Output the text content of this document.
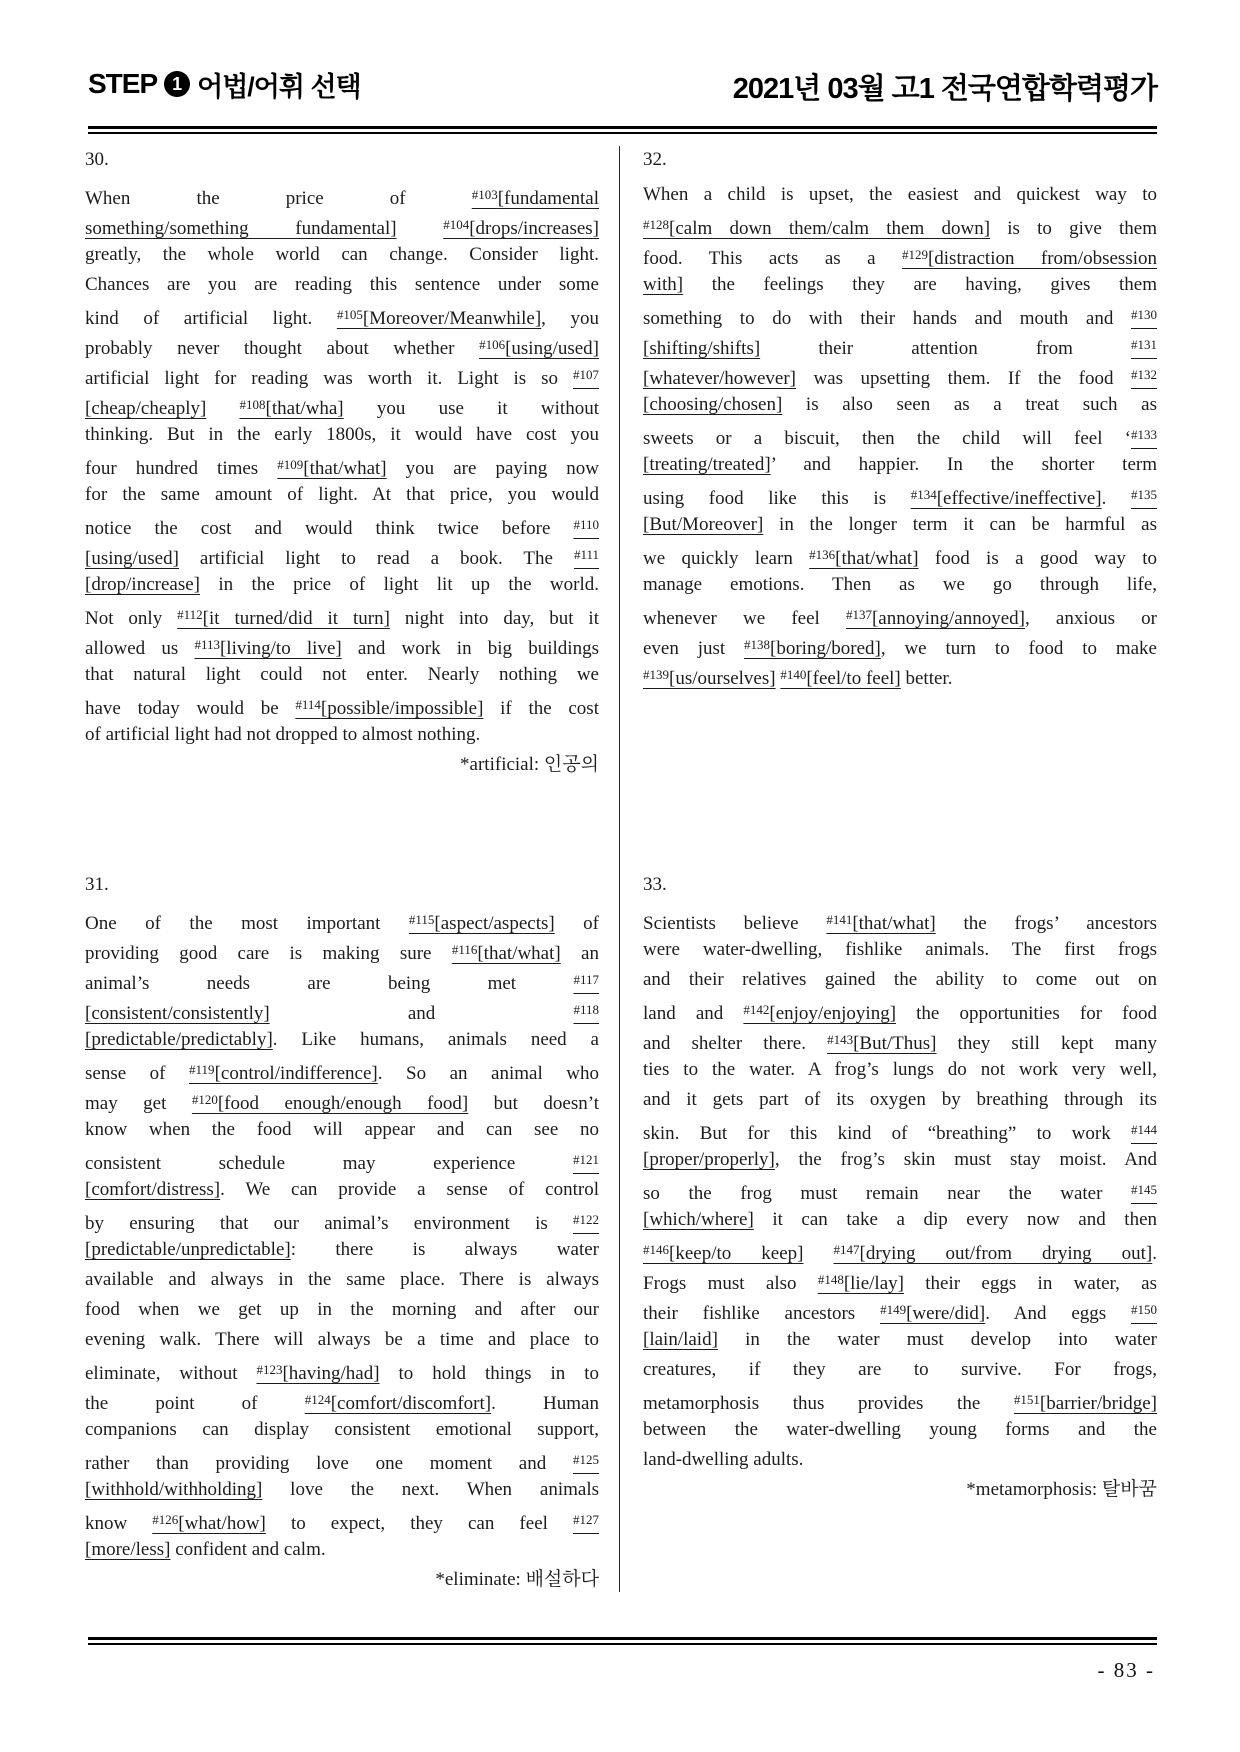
STEP 1 어법/어휘 선택	2021년 03월 고1 전국연합학력평가
30.
When the price of $^{\#103}$[fundamental
something/something fundamental]	$^{\#104}$[drops/increases]
greatly, the whole world can change. Consider light.
Chances are you are reading this sentence under some
kind of artificial light. $^{\#105}$[Moreover/Meanwhile], you
probably never thought about whether $^{\#106}$[using/used]
artificial light for reading was worth it. Light is so $^{\#107}$
[cheap/cheaply]	$^{\#108}$[that/wha] you use it without
thinking. But in the early 1800s, it would have cost you
four hundred times $^{\#109}$[that/what] you are paying now
for the same amount of light. At that price, you would
notice the cost and would think twice before $^{\#110}$
[using/used] artificial light to read a book. The $^{\#111}$
[drop/increase] in the price of light lit up the world.
Not only $^{\#112}$[it turned/did it turn] night into day, but it
allowed us $^{\#113}$[living/to live] and work in big buildings
that natural light could not enter. Nearly nothing we
have today would be $^{\#114}$[possible/impossible] if the cost
of artificial light had not dropped to almost nothing.
*artificial: 인공의
31.
One of the most important $^{\#115}$[aspect/aspects] of
providing good care is making sure $^{\#116}$[that/what] an
animal’s needs are being met $^{\#117}$
[consistent/consistently] and $^{\#118}$
[predictable/predictably]. Like humans, animals need a
sense of $^{\#119}$[control/indifference]. So an animal who
may get $^{\#120}$[food enough/enough food] but doesn’t
know when the food will appear and can see no
consistent schedule may experience $^{\#121}$
[comfort/distress]. We can provide a sense of control
by ensuring that our animal’s environment is $^{\#122}$
[predictable/unpredictable]: there is always water
available and always in the same place. There is always
food when we get up in the morning and after our
evening walk. There will always be a time and place to
eliminate, without $^{\#123}$[having/had] to hold things in to
the point of $^{\#124}$[comfort/discomfort]. Human
companions can display consistent emotional support,
rather than providing love one moment and $^{\#125}$
[withhold/withholding] love the next. When animals
know $^{\#126}$[what/how] to expect, they can feel $^{\#127}$
[more/less] confident and calm.
*eliminate: 배설하다
32.
When a child is upset, the easiest and quickest way to
$^{\#128}$[calm down them/calm them down] is to give them
food. This acts as a $^{\#129}$[distraction from/obsession
with] the feelings they are having, gives them
something to do with their hands and mouth and $^{\#130}$
[shifting/shifts] their attention from $^{\#131}$
[whatever/however] was upsetting them. If the food $^{\#132}$
[choosing/chosen] is also seen as a treat such as
sweets or a biscuit, then the child will feel ‘$^{\#133}$
[treating/treated]’ and happier. In the shorter term
using food like this is $^{\#134}$[effective/ineffective]. $^{\#135}$
[But/Moreover] in the longer term it can be harmful as
we quickly learn $^{\#136}$[that/what] food is a good way to
manage emotions. Then as we go through life,
whenever we feel $^{\#137}$[annoying/annoyed], anxious or
even just $^{\#138}$[boring/bored], we turn to food to make
$^{\#139}$[us/ourselves] $^{\#140}$[feel/to feel] better.
33.
Scientists believe $^{\#141}$[that/what] the frogs’ ancestors
were water-dwelling, fishlike animals. The first frogs
and their relatives gained the ability to come out on
land and $^{\#142}$[enjoy/enjoying] the opportunities for food
and shelter there. $^{\#143}$[But/Thus] they still kept many
ties to the water. A frog’s lungs do not work very well,
and it gets part of its oxygen by breathing through its
skin. But for this kind of “breathing” to work $^{\#144}$
[proper/properly], the frog’s skin must stay moist. And
so the frog must remain near the water $^{\#145}$
[which/where] it can take a dip every now and then
$^{\#146}$[keep/to keep] $^{\#147}$[drying out/from drying out].
Frogs must also $^{\#148}$[lie/lay] their eggs in water, as
their fishlike ancestors $^{\#149}$[were/did]. And eggs $^{\#150}$
[lain/laid] in the water must develop into water
creatures, if they are to survive. For frogs,
metamorphosis thus provides the $^{\#151}$[barrier/bridge]
between the water-dwelling young forms and the
land-dwelling adults.
*metamorphosis: 탈바꿈
- 83 -
